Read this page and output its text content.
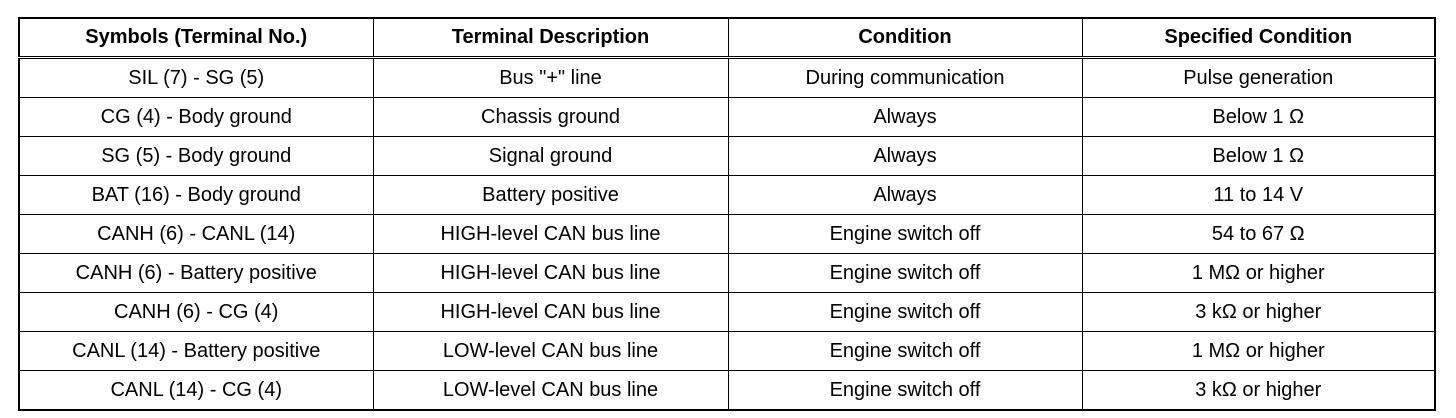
Symbols (Terminal No.)	Terminal Description	Condition	Specified Condition
SIL (7) - SG (5)	Bus "+" line	During communication	Pulse generation
CG (4) - Body ground	Chassis ground	Always	Below 1 Ω
SG (5) - Body ground	Signal ground	Always	Below 1 Ω
BAT (16) - Body ground	Battery positive	Always	11 to 14 V
CANH (6) - CANL (14)	HIGH-level CAN bus line	Engine switch off	54 to 67 Ω
CANH (6) - Battery positive	HIGH-level CAN bus line	Engine switch off	1 MΩ or higher
CANH (6) - CG (4)	HIGH-level CAN bus line	Engine switch off	3 kΩ or higher
CANL (14) - Battery positive	LOW-level CAN bus line	Engine switch off	1 MΩ or higher
CANL (14) - CG (4)	LOW-level CAN bus line	Engine switch off	3 kΩ or higher
